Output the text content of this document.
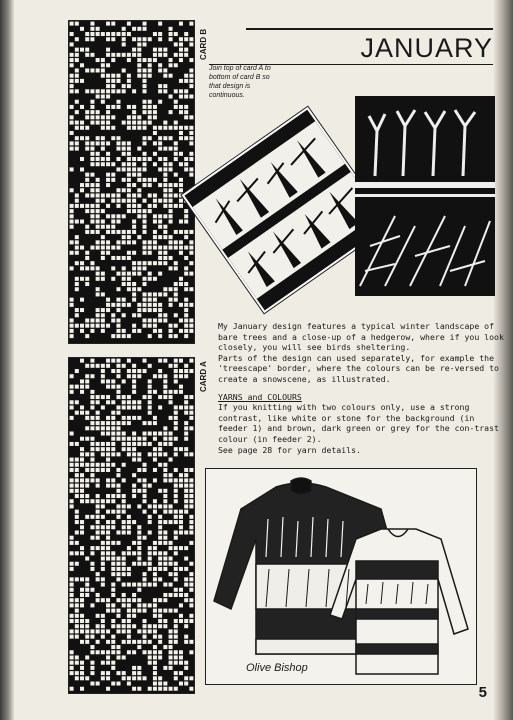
CARD B
CARD A
JANUARY
Join top of card A to bottom of card B so that design is continuous.

My January design features a typical winter landscape of bare trees and a close-up of a hedgerow, where if you look closely, you will see birds sheltering.

Parts of the design can used separately, for example the 'treescape' border, where the colours can be re-versed to create a snowscene, as illustrated.

YARNS and COLOURS

If you knitting with two colours only, use a strong contrast, like white or stone for the background (in feeder 1) and brown, dark green or grey for the con-trast colour (in feeder 2).

See page 28 for yarn details.

Olive Bishop
5
